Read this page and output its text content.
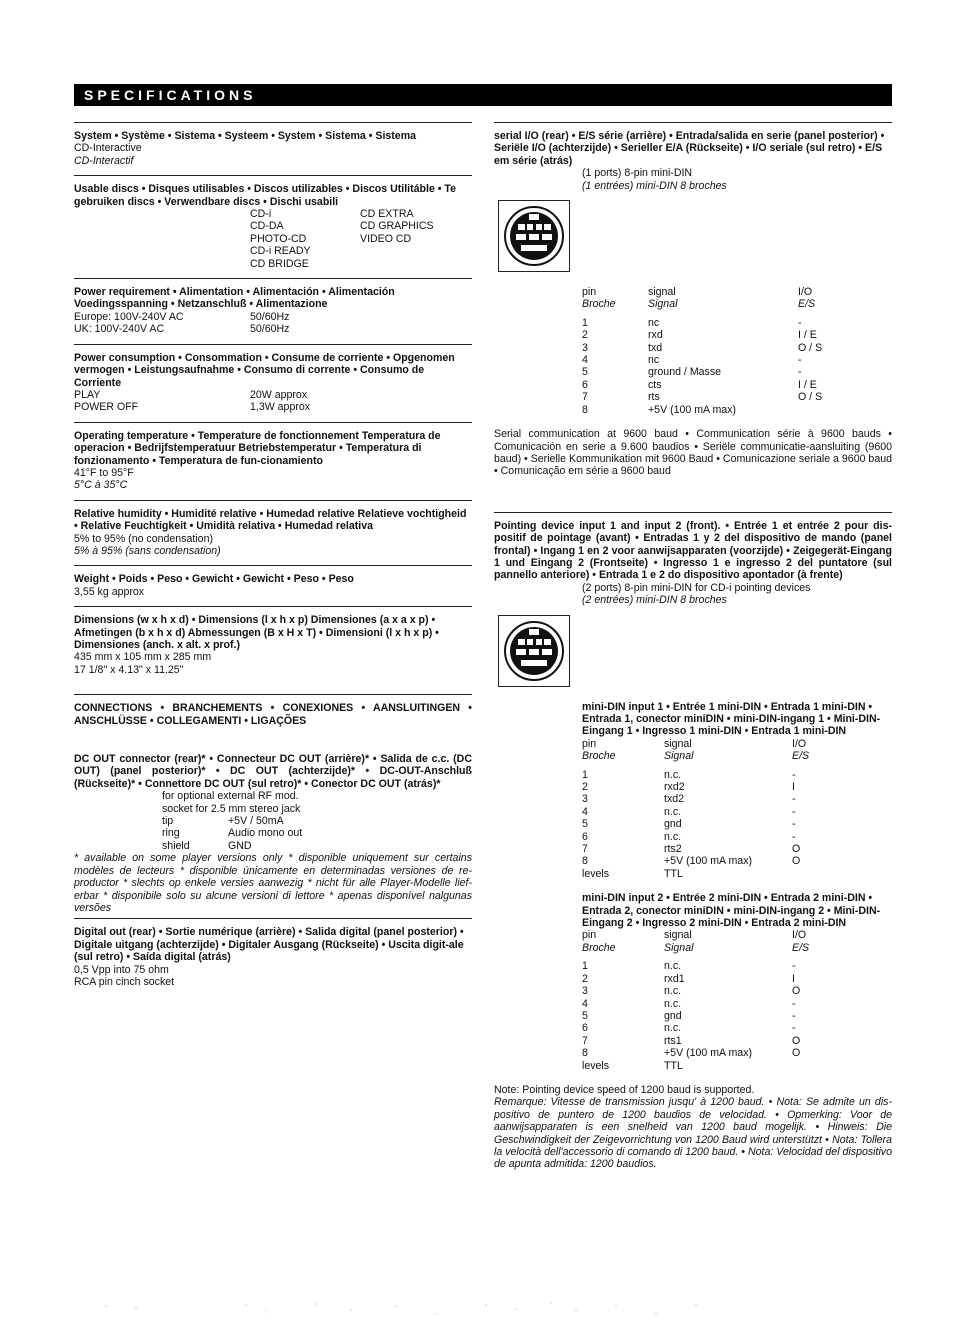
SPECIFICATIONS
System • Système • Sistema • Systeem • System • Sistema • Sistema
CD-Interactive
CD-Interactif
Usable discs • Disques utilisables • Discos utilizables • Discos Utilitáble • Te gebruiken discs • Verwendbare discs • Dischi usabili
CD-i	CD EXTRA
CD-DA	CD GRAPHICS
PHOTO-CD	VIDEO CD
CD-i READY
CD BRIDGE
Power requirement • Alimentation • Alimentación • Alimentación Voedingsspanning • Netzanschluß • Alimentazione
Europe: 100V-240V AC	50/60Hz
UK: 100V-240V AC	50/60Hz
Power consumption • Consommation • Consume de corriente • Opgenomen vermogen • Leistungsaufnahme • Consumo di corrente • Consumo de Corriente
PLAY	20W approx
POWER OFF	1,3W approx
Operating temperature • Temperature de fonctionnement Temperatura de operacion • Bedrijfstemperatuur Betriebstemperatur • Temperatura di fonzionamento • Temperatura de fun-cionamiento
41°F to 95°F
5°C à 35°C
Relative humidity • Humidité relative • Humedad relative Relatieve vochtigheid • Relative Feuchtigkeit • Umidità relativa • Humedad relativa
5% to 95% (no condensation)
5% à 95% (sans condensation)
Weight • Poids • Peso • Gewicht • Gewicht • Peso • Peso
3,55 kg approx
Dimensions (w x h x d) • Dimensions (l x h x p) Dimensiones (a x a x p) • Afmetingen (b x h x d) Abmessungen (B x H x T) • Dimensioni (l x h x p) • Dimensiones (anch. x alt. x prof.)
435 mm x 105 mm x 285 mm
17 1/8" x 4.13" x 11.25"
CONNECTIONS • BRANCHEMENTS • CONEXIONES • AANSLUITINGEN • ANSCHLÜSSE • COLLEGAMENTI • LIGAÇÕES
DC OUT connector (rear)* • Connecteur DC OUT (arrière)* • Salida de c.c. (DC OUT) (panel posterior)* • DC OUT (achterzijde)* • DC-OUT-Anschluß (Rückseite)* • Connettore DC OUT (sul retro)* • Conector DC OUT (atrás)*
for optional external RF mod.
socket for 2.5 mm stereo jack
tip	+5V / 50mA
ring	Audio mono out
shield	GND
* available on some player versions only * disponible uniquement sur certains modèles de lecteurs * disponible únicamente en determinadas versiones de re-productor * slechts op enkele versies aanwezig * nicht für alle Player-Modelle lief-erbar * disponibile solo su alcune versioni di lettore * apenas disponível nalgunas versões
Digital out (rear) • Sortie numérique (arrière) • Salida digital (panel posterior) • Digitale uitgang (achterzijde) • Digitaler Ausgang (Rückseite) • Uscita digit-ale (sul retro) • Saída digital (atrás)
0,5 Vpp into 75 ohm
RCA pin cinch socket
serial I/O (rear) • E/S série (arrière) • Entrada/salida en serie (panel posterior) • Seriële I/O (achterzijde) • Serieller E/A (Rückseite) • I/O seriale (sul retro) • E/S em série (atrás)
(1 ports) 8-pin mini-DIN
(1 entrées) mini-DIN 8 broches
pin	signal	I/O
Broche	Signal	E/S
1	nc	-
2	rxd	I / E
3	txd	O / S
4	nc	-
5	ground / Masse	-
6	cts	I / E
7	rts	O / S
8	+5V (100 mA max)
Serial communication at 9600 baud • Communication série à 9600 bauds • Comunicación en serie a 9.600 baudios • Seriële communicatie-aansluiting (9600 baud) • Serielle Kommunikation mit 9600 Baud • Comunicazione seriale a 9600 baud • Comunicação em série a 9600 baud
Pointing device input 1 and input 2 (front). • Entrée 1 et entrée 2 pour dis-positif de pointage (avant) • Entradas 1 y 2 del dispositivo de mando (panel frontal) • Ingang 1 en 2 voor aanwijsapparaten (voorzijde) • Zeigegerät-Eingang 1 und Eingang 2 (Frontseite) • Ingresso 1 e ingresso 2 del puntatore (sul pannello anteriore) • Entrada 1 e 2 do dispositivo apontador (à frente)
(2 ports) 8-pin mini-DIN for CD-i pointing devices
(2 entrées) mini-DIN 8 broches
mini-DIN input 1 • Entrée 1 mini-DIN • Entrada 1 mini-DIN • Entrada 1, conector miniDIN • mini-DIN-ingang 1 • Mini-DIN-Eingang 1 • Ingresso 1 mini-DIN • Entrada 1 mini-DIN
pin	signal	I/O
Broche	Signal	E/S
1	n.c.	-
2	rxd2	I
3	txd2	-
4	n.c.	-
5	gnd	-
6	n.c.	-
7	rts2	O
8	+5V (100 mA max)	O
levels	TTL
mini-DIN input 2 • Entrée 2 mini-DIN • Entrada 2 mini-DIN • Entrada 2, conector miniDIN • mini-DIN-ingang 2 • Mini-DIN-Eingang 2 • Ingresso 2 mini-DIN • Entrada 2 mini-DIN
pin	signal	I/O
Broche	Signal	E/S
1	n.c.	-
2	rxd1	I
3	n.c.	O
4	n.c.	-
5	gnd	-
6	n.c.	-
7	rts1	O
8	+5V (100 mA max)	O
levels	TTL
Note: Pointing device speed of 1200 baud is supported.
Remarque: Vitesse de transmission jusqu' à 1200 baud. • Nota: Se admite un dis-positivo de puntero de 1200 baudios de velocidad. • Opmerking: Voor de aanwijsapparaten is een snelheid van 1200 baud mogelijk. • Hinweis: Die Geschwindigkeit der Zeigevorrichtung von 1200 Baud wird unterstützt • Nota: Tollera la velocità dell'accessorio di comando di 1200 baud. • Nota: Velocidad del dispositivo de apunta admitida: 1200 baudios.
